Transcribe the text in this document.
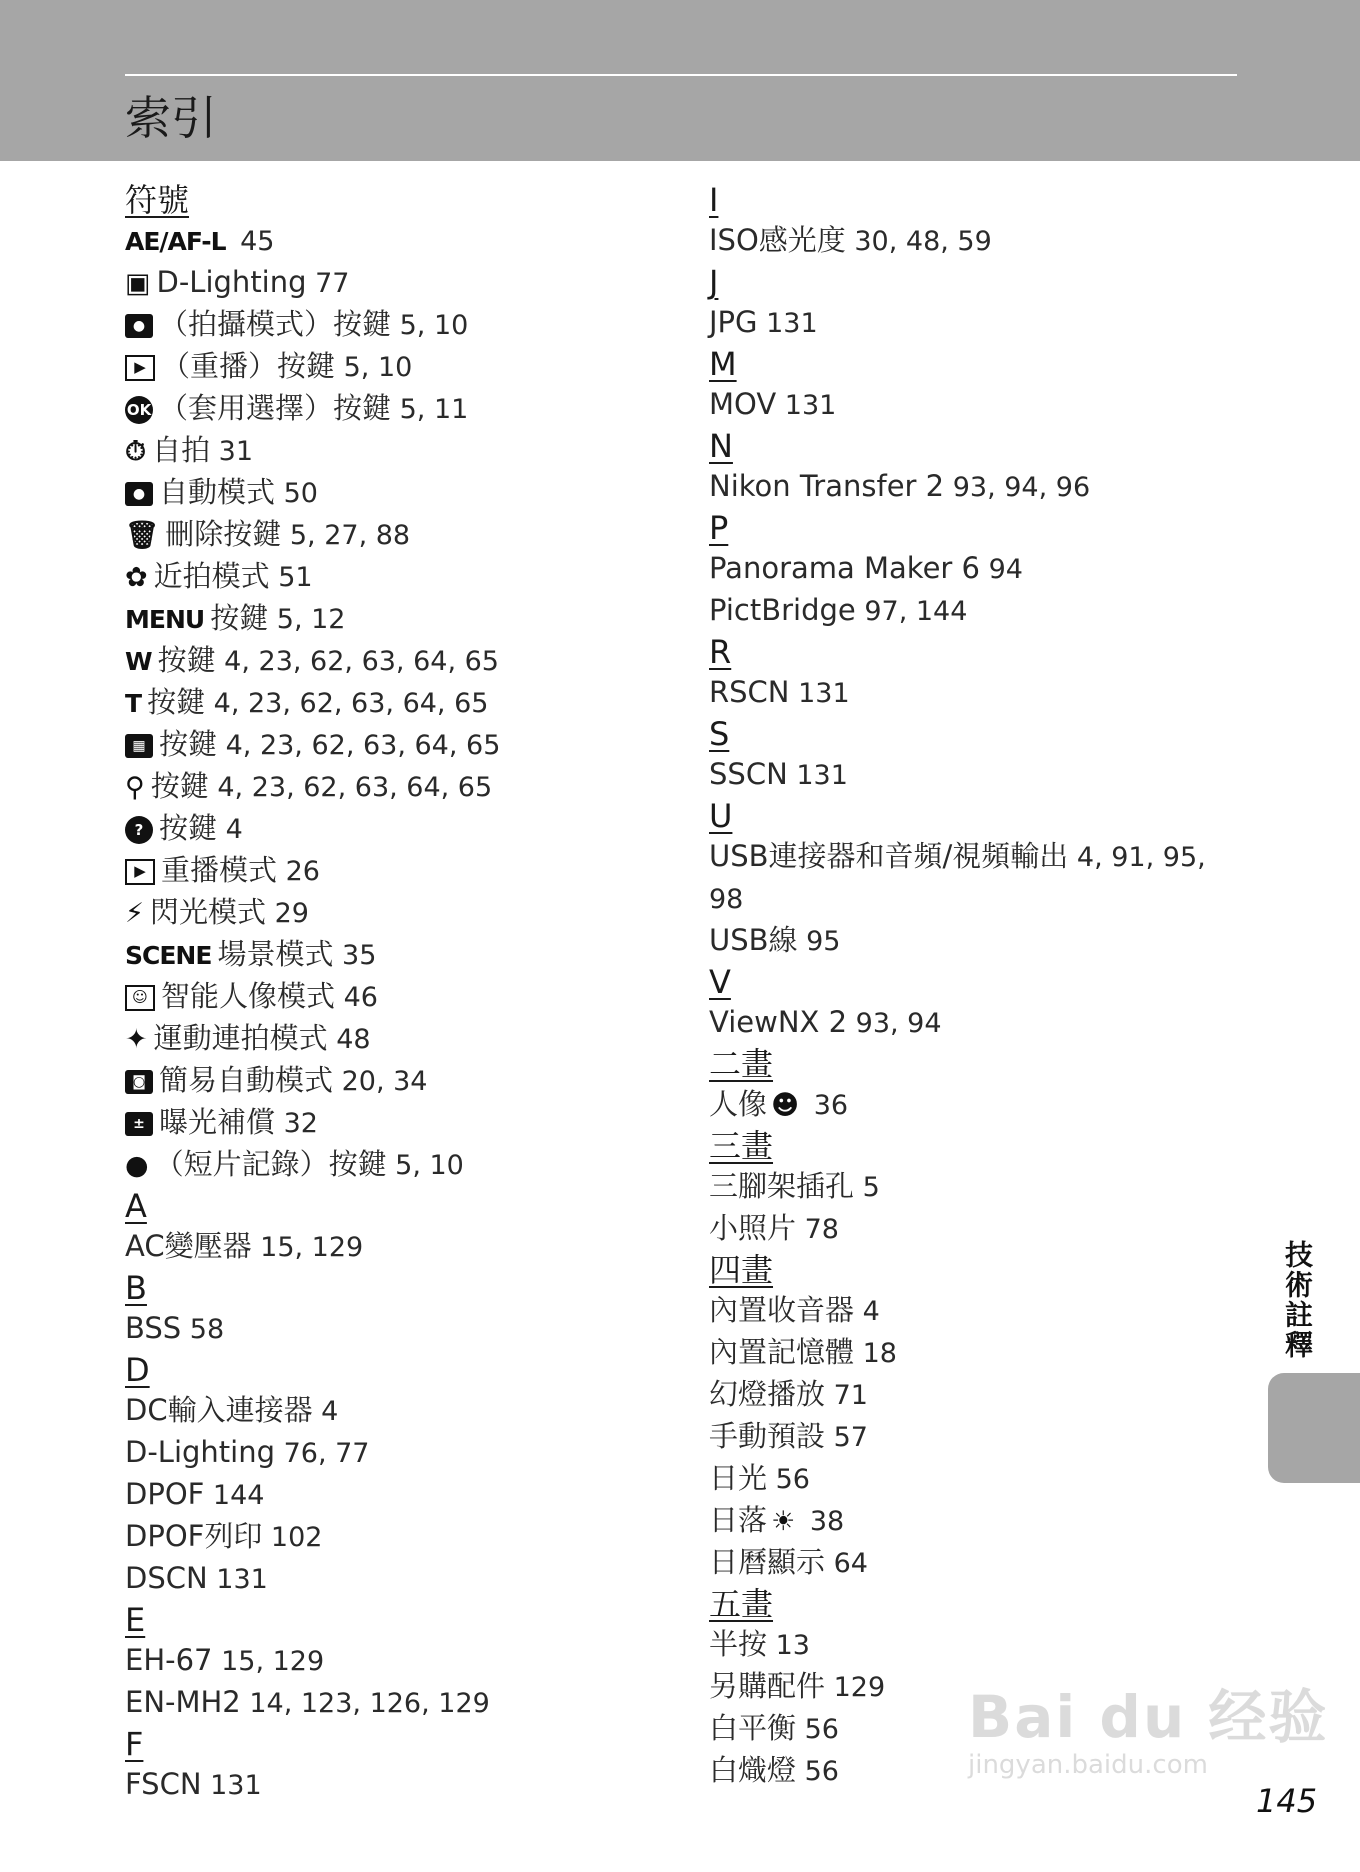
索引
符號
AE/AF-L 45
▣ D-Lighting 77
● （拍攝模式）按鍵 5, 10
▶ （重播）按鍵 5, 10
OK （套用選擇）按鍵 5, 11
⏱ 自拍 31
● 自動模式 50
🗑 刪除按鍵 5, 27, 88
✿ 近拍模式 51
MENU 按鍵 5, 12
W 按鍵 4, 23, 62, 63, 64, 65
T 按鍵 4, 23, 62, 63, 64, 65
▦ 按鍵 4, 23, 62, 63, 64, 65
⚲ 按鍵 4, 23, 62, 63, 64, 65
? 按鍵 4
▶ 重播模式 26
⚡ 閃光模式 29
SCENE 場景模式 35
☺ 智能人像模式 46
✦ 運動連拍模式 48
◙ 簡易自動模式 20, 34
± 曝光補償 32
● （短片記錄）按鍵 5, 10
A
AC變壓器 15, 129
B
BSS 58
D
DC輸入連接器 4
D-Lighting 76, 77
DPOF 144
DPOF列印 102
DSCN 131
E
EH-67 15, 129
EN-MH2 14, 123, 126, 129
F
FSCN 131
I
ISO感光度 30, 48, 59
J
JPG 131
M
MOV 131
N
Nikon Transfer 2 93, 94, 96
P
Panorama Maker 6 94
PictBridge 97, 144
R
RSCN 131
S
SSCN 131
U
USB連接器和音頻/視頻輸出 4, 91, 95, 98
USB線 95
V
ViewNX 2 93, 94
二畫
人像 ☻ 36
三畫
三腳架插孔 5
小照片 78
四畫
內置收音器 4
內置記憶體 18
幻燈播放 71
手動預設 57
日光 56
日落 ☀ 38
日曆顯示 64
五畫
半按 13
另購配件 129
白平衡 56
白熾燈 56
技術註釋
Bai du 经验
jingyan.baidu.com
145
